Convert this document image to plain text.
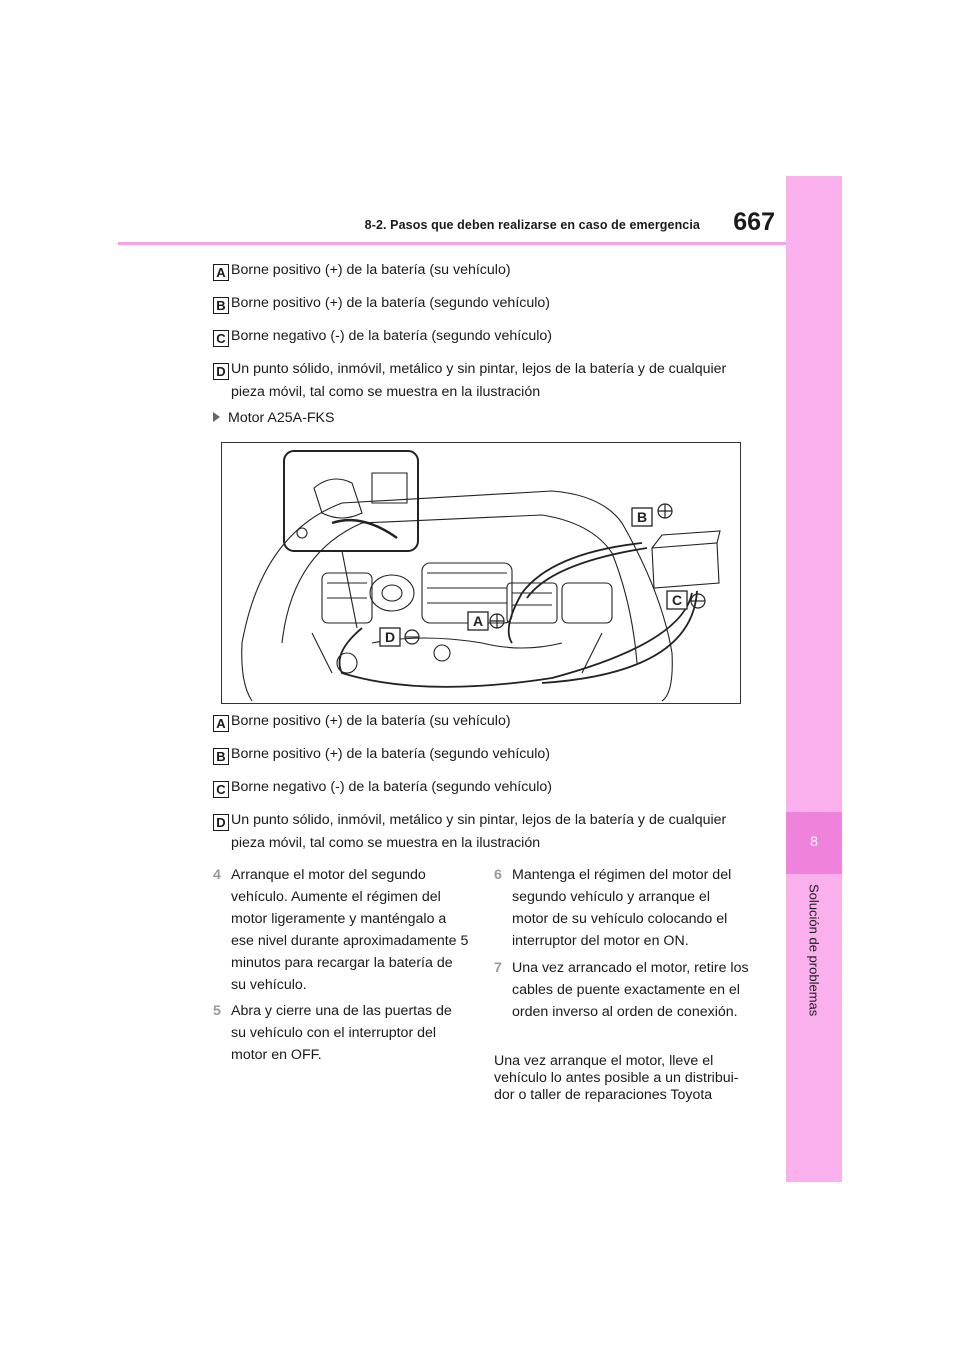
8-2. Pasos que deben realizarse en caso de emergencia	667
8
Solución de problemas
A Borne positivo (+) de la batería (su vehículo)
B Borne positivo (+) de la batería (segundo vehículo)
C Borne negativo (-) de la batería (segundo vehículo)
D Un punto sólido, inmóvil, metálico y sin pintar, lejos de la batería y de cualquier pieza móvil, tal como se muestra en la ilustración
Motor A25A-FKS
B
C
A
D
A Borne positivo (+) de la batería (su vehículo)
B Borne positivo (+) de la batería (segundo vehículo)
C Borne negativo (-) de la batería (segundo vehículo)
D Un punto sólido, inmóvil, metálico y sin pintar, lejos de la batería y de cualquier pieza móvil, tal como se muestra en la ilustración
4 Arranque el motor del segundo vehículo. Aumente el régimen del motor ligeramente y manténgalo a ese nivel durante aproximadamente 5 minutos para recargar la batería de su vehículo.
5 Abra y cierre una de las puertas de su vehículo con el interruptor del motor en OFF.
6 Mantenga el régimen del motor del segundo vehículo y arranque el motor de su vehículo colocando el interruptor del motor en ON.
7 Una vez arrancado el motor, retire los cables de puente exactamente en el orden inverso al orden de conexión.
Una vez arranque el motor, lleve el vehículo lo antes posible a un distribui-dor o taller de reparaciones Toyota
